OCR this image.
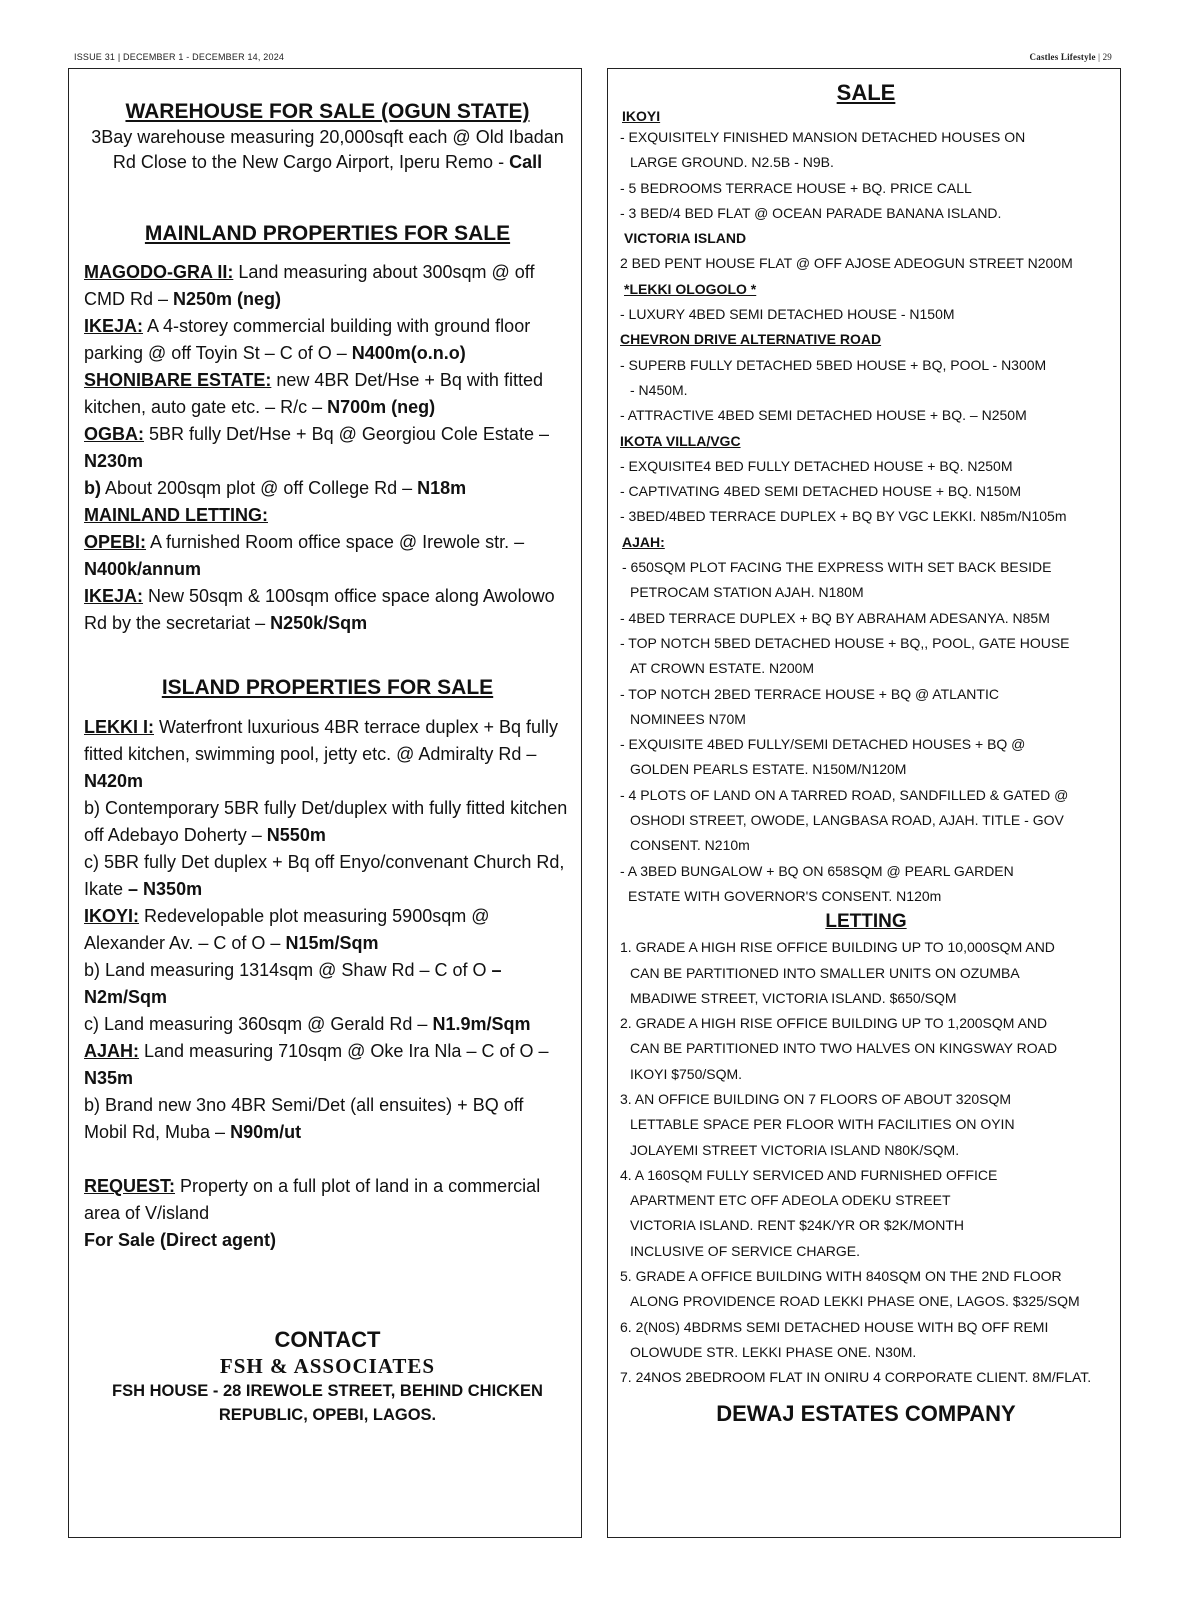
ISSUE 31 | DECEMBER 1 - DECEMBER 14, 2024	Castles Lifestyle | 29
WAREHOUSE FOR SALE (OGUN STATE)

3Bay warehouse measuring 20,000sqft each @ Old Ibadan Rd Close to the New Cargo Airport, Iperu Remo - Call

MAINLAND PROPERTIES FOR SALE

MAGODO-GRA II: Land measuring about 300sqm @ off CMD Rd – N250m (neg)

IKEJA: A 4-storey commercial building with ground floor parking @ off Toyin St – C of O – N400m(o.n.o)

SHONIBARE ESTATE: new 4BR Det/Hse + Bq with fitted kitchen, auto gate etc. – R/c – N700m (neg)

OGBA: 5BR fully Det/Hse + Bq @ Georgiou Cole Estate – N230m

b) About 200sqm plot @ off College Rd – N18m

MAINLAND LETTING:

OPEBI: A furnished Room office space @ Irewole str. – N400k/annum

IKEJA: New 50sqm & 100sqm office space along Awolowo Rd by the secretariat – N250k/Sqm

ISLAND PROPERTIES FOR SALE

LEKKI I: Waterfront luxurious 4BR terrace duplex + Bq fully fitted kitchen, swimming pool, jetty etc. @ Admiralty Rd – N420m

b) Contemporary 5BR fully Det/duplex with fully fitted kitchen off Adebayo Doherty – N550m

c) 5BR fully Det duplex + Bq off Enyo/convenant Church Rd, Ikate – N350m

IKOYI: Redevelopable plot measuring 5900sqm @ Alexander Av. – C of O – N15m/Sqm

b) Land measuring 1314sqm @ Shaw Rd – C of O – N2m/Sqm

c) Land measuring 360sqm @ Gerald Rd – N1.9m/Sqm

AJAH: Land measuring 710sqm @ Oke Ira Nla – C of O – N35m

b) Brand new 3no 4BR Semi/Det (all ensuites) + BQ off Mobil Rd, Muba – N90m/ut

REQUEST: Property on a full plot of land in a commercial area of V/island

For Sale (Direct agent)

CONTACT
FSH & ASSOCIATES
FSH HOUSE - 28 IREWOLE STREET, BEHIND CHICKEN REPUBLIC, OPEBI, LAGOS.
SALE

IKOYI

- EXQUISITELY FINISHED MANSION DETACHED HOUSES ON

LARGE GROUND. N2.5B - N9B.

- 5 BEDROOMS TERRACE HOUSE + BQ. PRICE CALL

- 3 BED/4 BED FLAT @ OCEAN PARADE BANANA ISLAND.

VICTORIA ISLAND

2 BED PENT HOUSE FLAT @ OFF AJOSE ADEOGUN STREET N200M

*LEKKI OLOGOLO *

- LUXURY 4BED SEMI DETACHED HOUSE - N150M

CHEVRON DRIVE ALTERNATIVE ROAD

- SUPERB FULLY DETACHED 5BED HOUSE + BQ, POOL - N300M

- N450M.

- ATTRACTIVE 4BED SEMI DETACHED HOUSE + BQ. – N250M

IKOTA VILLA/VGC

- EXQUISITE4 BED FULLY DETACHED HOUSE + BQ. N250M

- CAPTIVATING 4BED SEMI DETACHED HOUSE + BQ. N150M

- 3BED/4BED TERRACE DUPLEX + BQ BY VGC LEKKI. N85m/N105m

AJAH:

- 650SQM PLOT FACING THE EXPRESS WITH SET BACK BESIDE

PETROCAM STATION AJAH. N180M

- 4BED TERRACE DUPLEX + BQ BY ABRAHAM ADESANYA. N85M

- TOP NOTCH 5BED DETACHED HOUSE + BQ,, POOL, GATE HOUSE

AT CROWN ESTATE. N200M

- TOP NOTCH 2BED TERRACE HOUSE + BQ @ ATLANTIC

NOMINEES N70M

- EXQUISITE 4BED FULLY/SEMI DETACHED HOUSES + BQ @

GOLDEN PEARLS ESTATE. N150M/N120M

- 4 PLOTS OF LAND ON A TARRED ROAD, SANDFILLED & GATED @

OSHODI STREET, OWODE, LANGBASA ROAD, AJAH. TITLE - GOV

CONSENT. N210m

- A 3BED BUNGALOW + BQ ON 658SQM @ PEARL GARDEN

ESTATE WITH GOVERNOR'S CONSENT. N120m

LETTING

1. GRADE A HIGH RISE OFFICE BUILDING UP TO 10,000SQM AND

CAN BE PARTITIONED INTO SMALLER UNITS ON OZUMBA

MBADIWE STREET, VICTORIA ISLAND. $650/SQM

2. GRADE A HIGH RISE OFFICE BUILDING UP TO 1,200SQM AND

CAN BE PARTITIONED INTO TWO HALVES ON KINGSWAY ROAD

IKOYI $750/SQM.

3. AN OFFICE BUILDING ON 7 FLOORS OF ABOUT 320SQM

LETTABLE SPACE PER FLOOR WITH FACILITIES ON OYIN

JOLAYEMI STREET VICTORIA ISLAND N80K/SQM.

4. A 160SQM FULLY SERVICED AND FURNISHED OFFICE

APARTMENT ETC OFF ADEOLA ODEKU STREET

VICTORIA ISLAND. RENT $24K/YR OR $2K/MONTH

INCLUSIVE OF SERVICE CHARGE.

5. GRADE A OFFICE BUILDING WITH 840SQM ON THE 2ND FLOOR

ALONG PROVIDENCE ROAD LEKKI PHASE ONE, LAGOS. $325/SQM

6. 2(N0S) 4BDRMS SEMI DETACHED HOUSE WITH BQ OFF REMI

OLOWUDE STR. LEKKI PHASE ONE. N30M.

7. 24NOS 2BEDROOM FLAT IN ONIRU 4 CORPORATE CLIENT. 8M/FLAT.

DEWAJ ESTATES COMPANY
